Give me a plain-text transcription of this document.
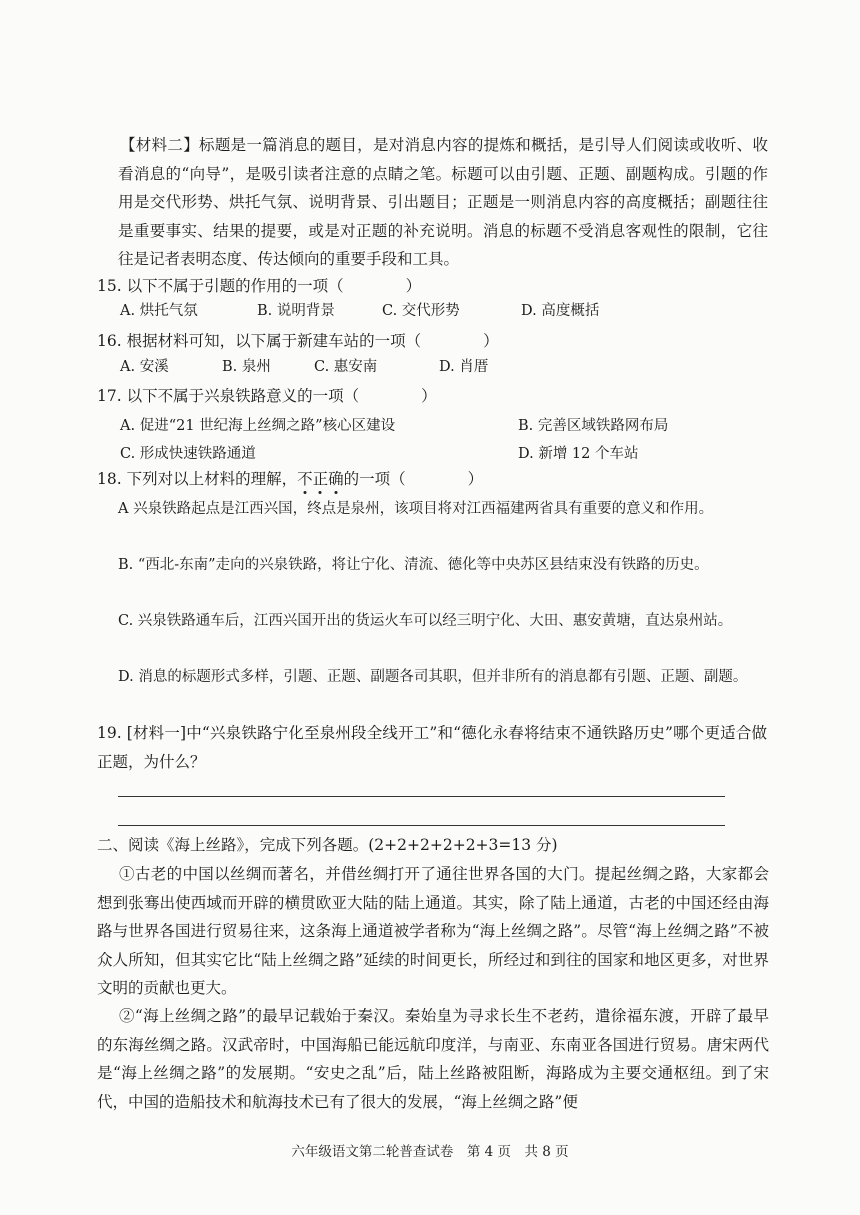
【材料二】标题是一篇消息的题目，是对消息内容的提炼和概括，是引导人们阅读或收听、收看消息的“向导”，是吸引读者注意的点睛之笔。标题可以由引题、正题、副题构成。引题的作用是交代形势、烘托气氛、说明背景、引出题目；正题是一则消息内容的高度概括；副题往往是重要事实、结果的提要，或是对正题的补充说明。消息的标题不受消息客观性的限制，它往往是记者表明态度、传达倾向的重要手段和工具。

15. 以下不属于引题的作用的一项（　　　　）
A. 烘托气氛	B. 说明背景	C. 交代形势	D. 高度概括
16. 根据材料可知，以下属于新建车站的一项（　　　　）
A. 安溪	B. 泉州	C. 惠安南	D. 肖厝
17. 以下不属于兴泉铁路意义的一项（　　　　）
A. 促进“21 世纪海上丝绸之路”核心区建设	B. 完善区域铁路网布局
C. 形成快速铁路通道	D. 新增 12 个车站
18. 下列对以上材料的理解，不正确的一项（　　　　）
A 兴泉铁路起点是江西兴国，终点是泉州，该项目将对江西福建两省具有重要的意义和作用。
B. “西北-东南”走向的兴泉铁路，将让宁化、清流、德化等中央苏区县结束没有铁路的历史。
C. 兴泉铁路通车后，江西兴国开出的货运火车可以经三明宁化、大田、惠安黄塘，直达泉州站。
D. 消息的标题形式多样，引题、正题、副题各司其职，但并非所有的消息都有引题、正题、副题。
19. [材料一]中“兴泉铁路宁化至泉州段全线开工”和“德化永春将结束不通铁路历史”哪个更适合做正题，为什么？
二、阅读《海上丝路》，完成下列各题。(2+2+2+2+2+3=13 分)
①古老的中国以丝绸而著名，并借丝绸打开了通往世界各国的大门。提起丝绸之路，大家都会想到张骞出使西域而开辟的横贯欧亚大陆的陆上通道。其实，除了陆上通道，古老的中国还经由海路与世界各国进行贸易往来，这条海上通道被学者称为“海上丝绸之路”。尽管“海上丝绸之路”不被众人所知，但其实它比“陆上丝绸之路”延续的时间更长，所经过和到往的国家和地区更多，对世界文明的贡献也更大。
②“海上丝绸之路”的最早记载始于秦汉。秦始皇为寻求长生不老药，遣徐福东渡，开辟了最早的东海丝绸之路。汉武帝时，中国海船已能远航印度洋，与南亚、东南亚各国进行贸易。唐宋两代是“海上丝绸之路”的发展期。“安史之乱”后，陆上丝路被阻断，海路成为主要交通枢纽。到了宋代，中国的造船技术和航海技术已有了很大的发展，“海上丝绸之路”便
六年级语文第二轮普查试卷　第 4 页　共 8 页
